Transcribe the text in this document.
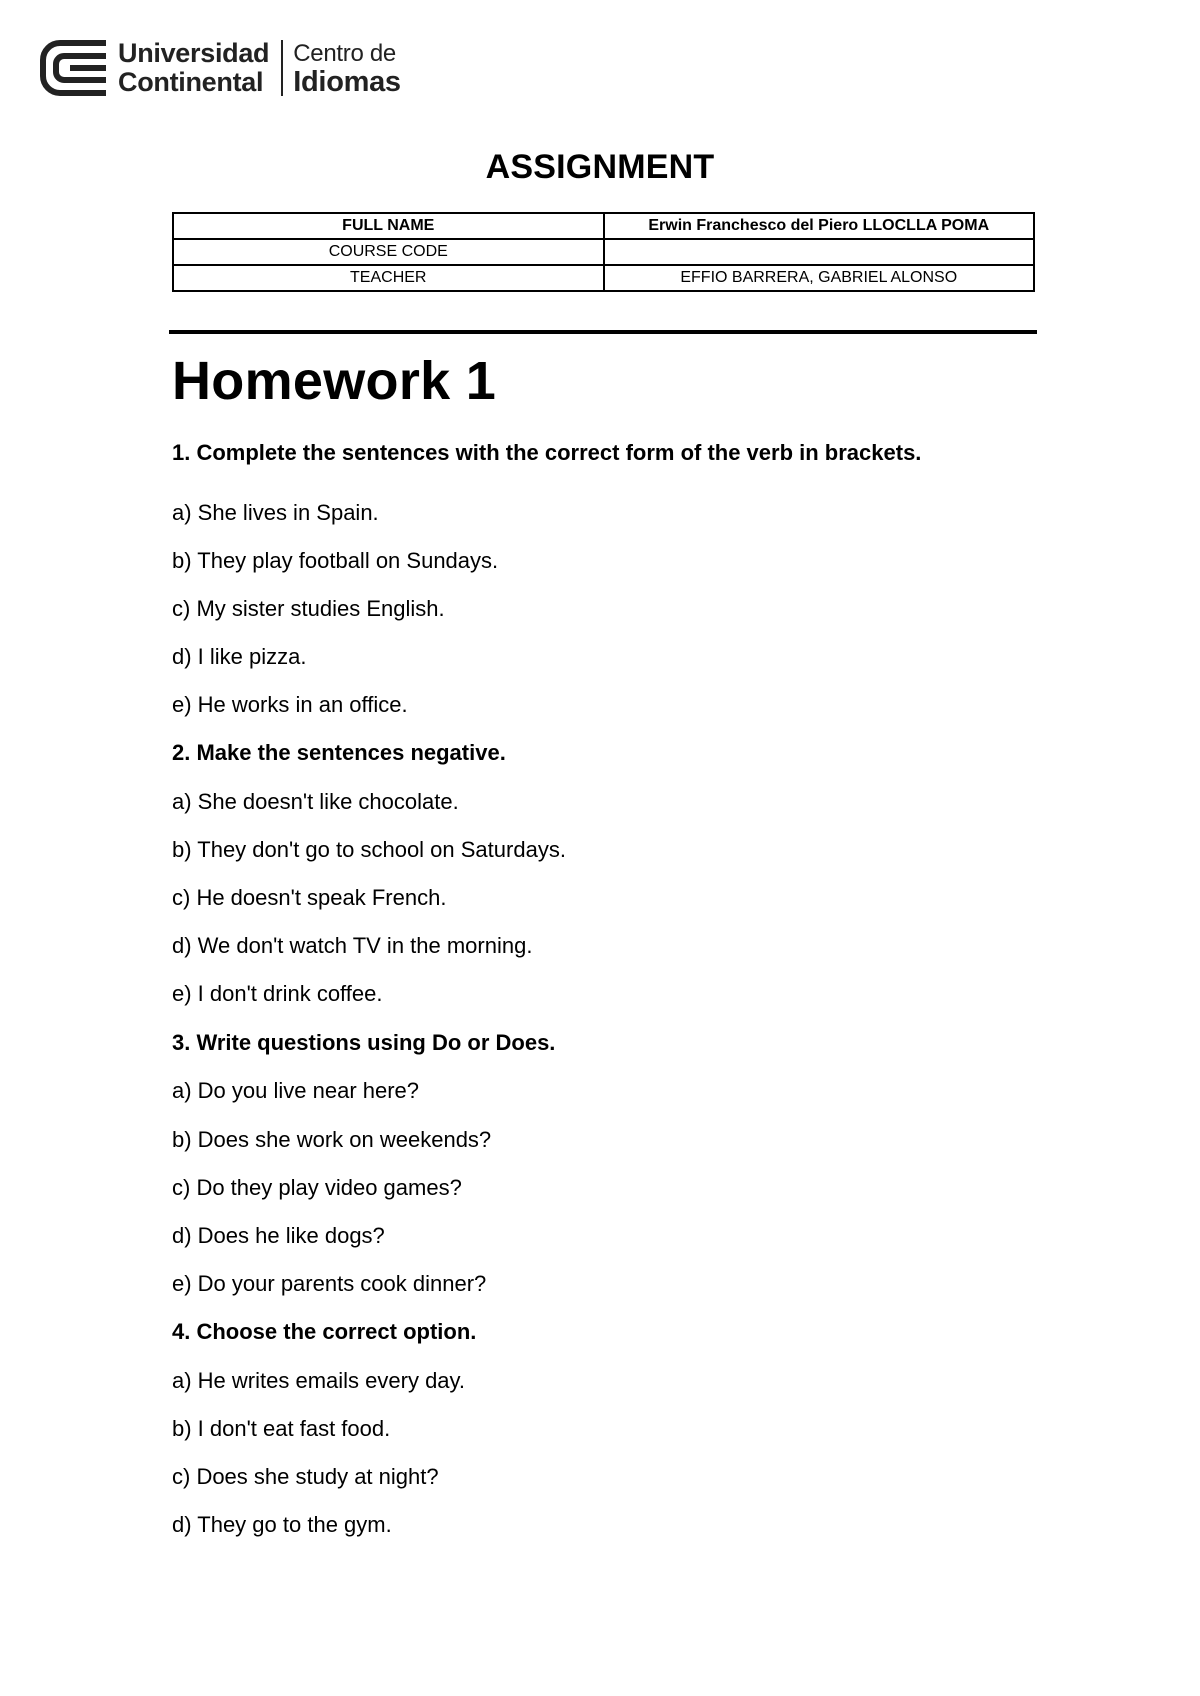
Universidad
Continental
Centro de
Idiomas
ASSIGNMENT
FULL NAME	Erwin Franchesco del Piero LLOCLLA POMA
COURSE CODE	
TEACHER	EFFIO BARRERA, GABRIEL ALONSO
Homework 1
1. Complete the sentences with the correct form of the verb in brackets.
a) She lives in Spain.
b) They play football on Sundays.
c) My sister studies English.
d) I like pizza.
e) He works in an office.
2. Make the sentences negative.
a) She doesn't like chocolate.
b) They don't go to school on Saturdays.
c) He doesn't speak French.
d) We don't watch TV in the morning.
e) I don't drink coffee.
3. Write questions using Do or Does.
a) Do you live near here?
b) Does she work on weekends?
c) Do they play video games?
d) Does he like dogs?
e) Do your parents cook dinner?
4. Choose the correct option.
a) He writes emails every day.
b) I don't eat fast food.
c) Does she study at night?
d) They go to the gym.
